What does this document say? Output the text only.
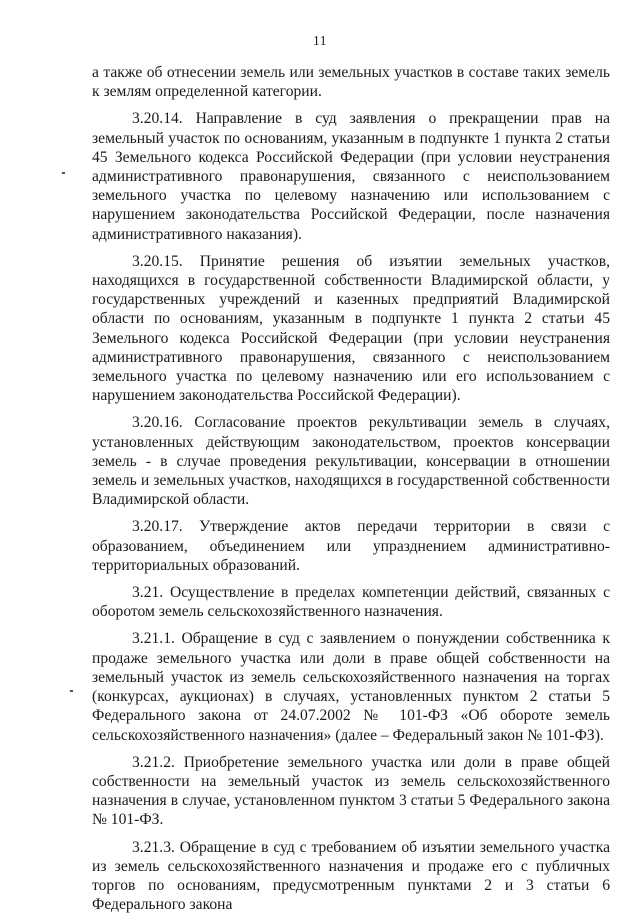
11

а также об отнесении земель или земельных участков в составе таких земель к землям определенной категории.

3.20.14. Направление в суд заявления о прекращении прав на земельный участок по основаниям, указанным в подпункте 1 пункта 2 статьи 45 Земельного кодекса Российской Федерации (при условии неустранения административного правонарушения, связанного с неиспользованием земельного участка по целевому назначению или использованием с нарушением законодательства Российской Федерации, после назначения административного наказания).

3.20.15. Принятие решения об изъятии земельных участков, находящихся в государственной собственности Владимирской области, у государственных учреждений и казенных предприятий Владимирской области по основаниям, указанным в подпункте 1 пункта 2 статьи 45 Земельного кодекса Российской Федерации (при условии неустранения административного правонарушения, связанного с неиспользованием земельного участка по целевому назначению или его использованием с нарушением законодательства Российской Федерации).

3.20.16. Согласование проектов рекультивации земель в случаях, установленных действующим законодательством, проектов консервации земель - в случае проведения рекультивации, консервации в отношении земель и земельных участков, находящихся в государственной собственности Владимирской области.

3.20.17. Утверждение актов передачи территории в связи с образованием, объединением или упразднением административно-территориальных образований.

3.21. Осуществление в пределах компетенции действий, связанных с оборотом земель сельскохозяйственного назначения.

3.21.1. Обращение в суд с заявлением о понуждении собственника к продаже земельного участка или доли в праве общей собственности на земельный участок из земель сельскохозяйственного назначения на торгах (конкурсах, аукционах) в случаях, установленных пунктом 2 статьи 5 Федерального закона от 24.07.2002 № 101-ФЗ «Об обороте земель сельскохозяйственного назначения» (далее – Федеральный закон № 101-ФЗ).

3.21.2. Приобретение земельного участка или доли в праве общей собственности на земельный участок из земель сельскохозяйственного назначения в случае, установленном пунктом 3 статьи 5 Федерального закона № 101-ФЗ.

3.21.3. Обращение в суд с требованием об изъятии земельного участка из земель сельскохозяйственного назначения и продаже его с публичных торгов по основаниям, предусмотренным пунктами 2 и 3 статьи 6 Федерального закона
